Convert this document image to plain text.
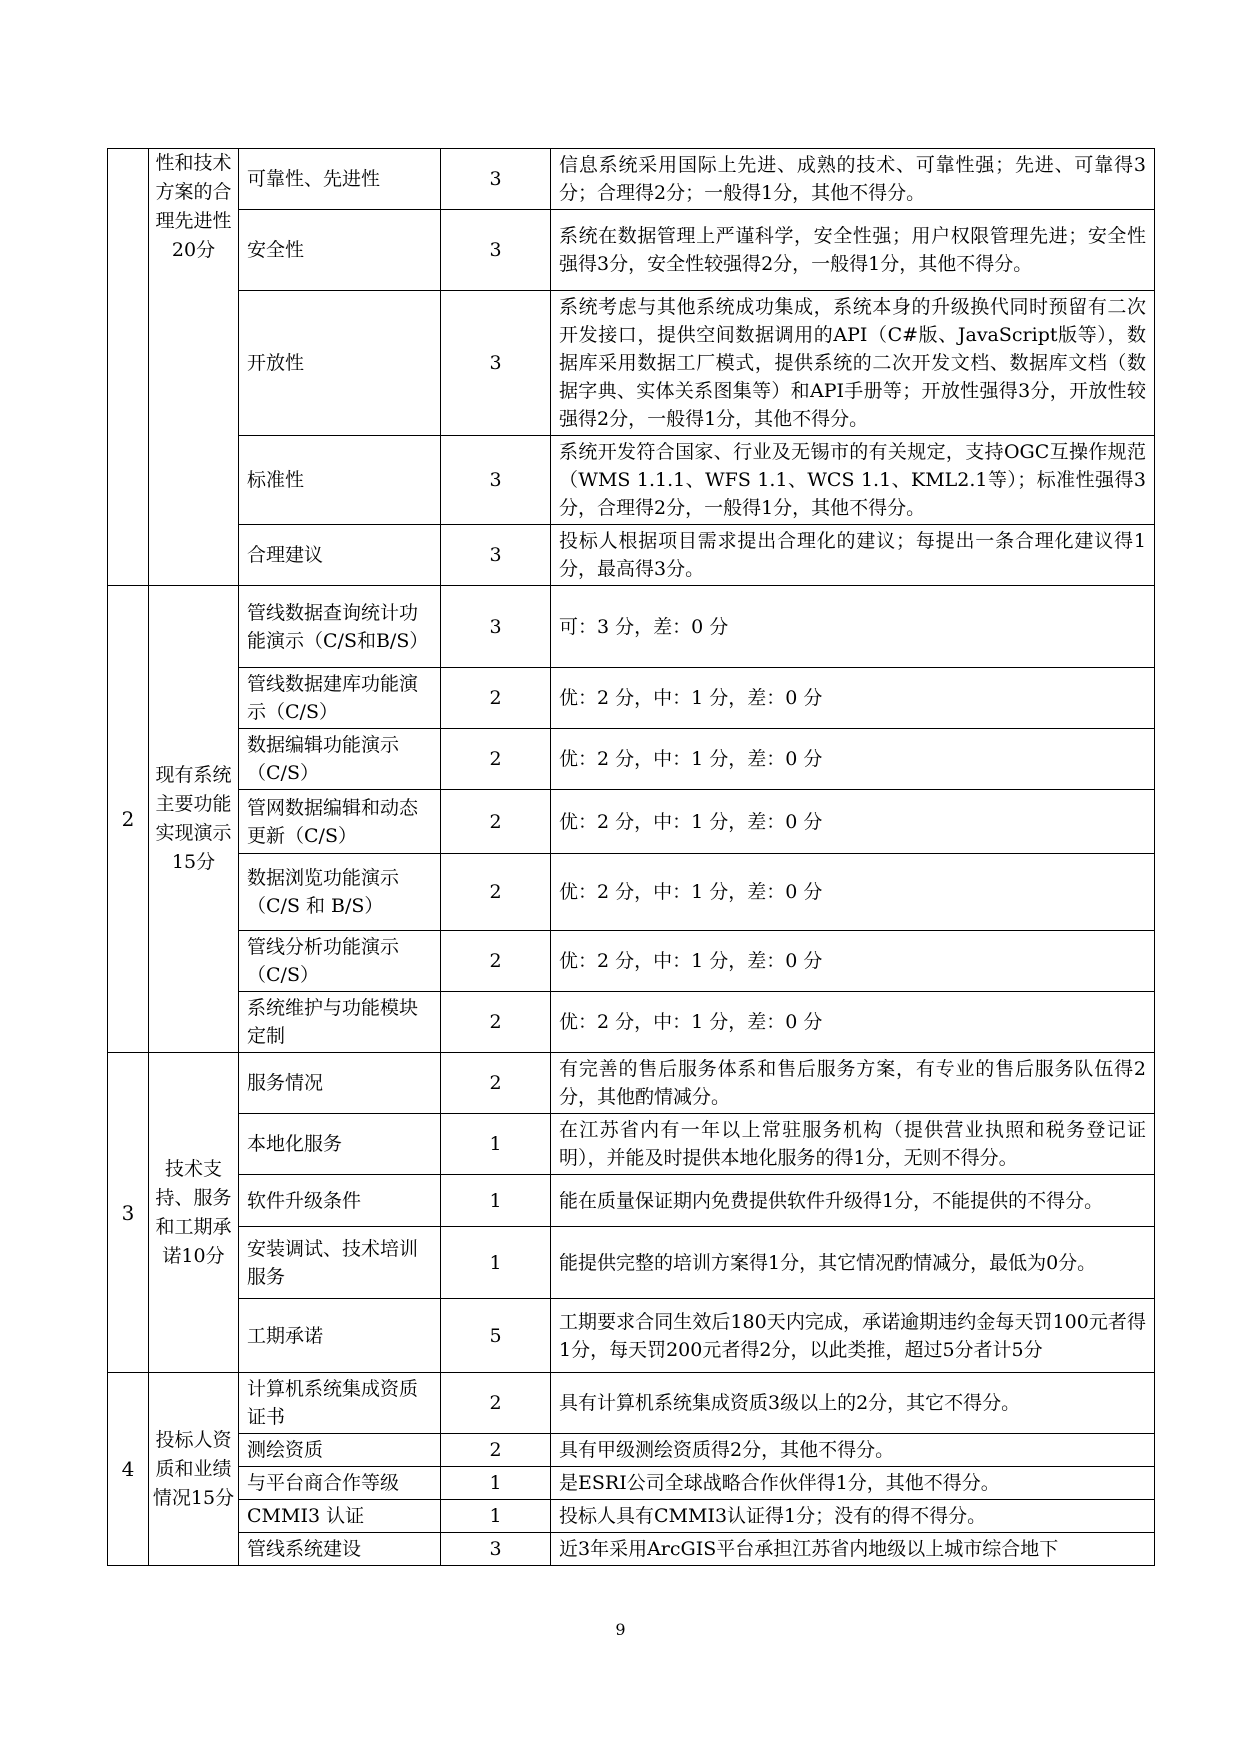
	性和技术方案的合理先进性20分	可靠性、先进性	3	信息系统采用国际上先进、成熟的技术、可靠性强；先进、可靠得3分；合理得2分；一般得1分，其他不得分。
		安全性	3	系统在数据管理上严谨科学，安全性强；用户权限管理先进；安全性强得3分，安全性较强得2分，一般得1分，其他不得分。
		开放性	3	系统考虑与其他系统成功集成，系统本身的升级换代同时预留有二次开发接口，提供空间数据调用的API（C#版、JavaScript版等），数据库采用数据工厂模式，提供系统的二次开发文档、数据库文档（数据字典、实体关系图集等）和API手册等；开放性强得3分，开放性较强得2分，一般得1分，其他不得分。
		标准性	3	系统开发符合国家、行业及无锡市的有关规定，支持OGC互操作规范（WMS 1.1.1、WFS 1.1、WCS 1.1、KML2.1等）；标准性强得3分，合理得2分，一般得1分，其他不得分。
		合理建议	3	投标人根据项目需求提出合理化的建议；每提出一条合理化建议得1分，最高得3分。
2	现有系统主要功能实现演示15分	管线数据查询统计功能演示（C/S和B/S）	3	可：3 分，差：0 分
		管线数据建库功能演示（C/S）	2	优：2 分，中：1 分，差：0 分
		数据编辑功能演示（C/S）	2	优：2 分，中：1 分，差：0 分
		管网数据编辑和动态更新（C/S）	2	优：2 分，中：1 分，差：0 分
		数据浏览功能演示（C/S 和 B/S）	2	优：2 分，中：1 分，差：0 分
		管线分析功能演示（C/S）	2	优：2 分，中：1 分，差：0 分
		系统维护与功能模块定制	2	优：2 分，中：1 分，差：0 分
3	技术支持、服务和工期承诺10分	服务情况	2	有完善的售后服务体系和售后服务方案，有专业的售后服务队伍得2分，其他酌情减分。
		本地化服务	1	在江苏省内有一年以上常驻服务机构（提供营业执照和税务登记证明），并能及时提供本地化服务的得1分，无则不得分。
		软件升级条件	1	能在质量保证期内免费提供软件升级得1分，不能提供的不得分。
		安装调试、技术培训服务	1	能提供完整的培训方案得1分，其它情况酌情减分，最低为0分。
		工期承诺	5	工期要求合同生效后180天内完成，承诺逾期违约金每天罚100元者得1分，每天罚200元者得2分，以此类推，超过5分者计5分
4	投标人资质和业绩情况15分	计算机系统集成资质证书	2	具有计算机系统集成资质3级以上的2分，其它不得分。
		测绘资质	2	具有甲级测绘资质得2分，其他不得分。
		与平台商合作等级	1	是ESRI公司全球战略合作伙伴得1分，其他不得分。
		CMMI3 认证	1	投标人具有CMMI3认证得1分；没有的得不得分。
		管线系统建设	3	近3年采用ArcGIS平台承担江苏省内地级以上城市综合地下
9
